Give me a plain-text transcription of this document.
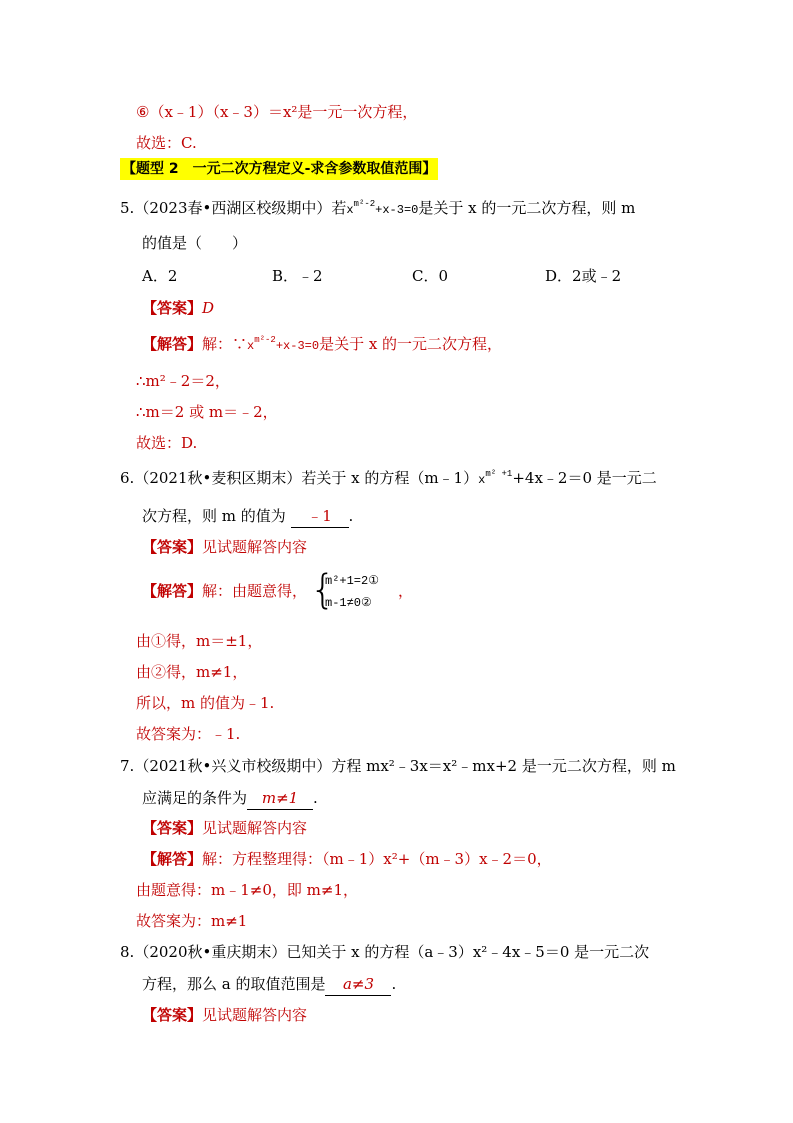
⑥（x﹣1）（x﹣3）＝x²是一元一次方程，
故选：C.
【题型 2　一元二次方程定义-求含参数取值范围】
5.（2023春•西湖区校级期中）若$x^{m^2-2}+x-3=0$是关于 x 的一元二次方程，则 m
的值是（　　）
A．2	B．﹣2	C．0	D．2或﹣2
【答案】D
【解答】解：$\because x^{m^2-2}+x-3=0$是关于 x 的一元二次方程，
∴m²﹣2＝2，
∴m＝2 或 m＝﹣2，
故选：D.
6.（2021秋•麦积区期末）若关于 x 的方程$(m﹣1)x^{m^2 +1}+4x﹣2=0$ 是一元二
次方程，则 m 的值为 ﹣1 .
【答案】见试题解答内容
【解答】解：由题意得， {
m²+1=2①
m-1≠0②
，
由①得，m＝±1，
由②得，m≠1，
所以，m 的值为﹣1.
故答案为：﹣1.
7.（2021秋•兴义市校级期中）方程 mx²﹣3x＝x²﹣mx+2 是一元二次方程，则 m
应满足的条件为 m≠1 .
【答案】见试题解答内容
【解答】解：方程整理得：（m﹣1）x²+（m﹣3）x﹣2＝0，
由题意得：m﹣1≠0，即 m≠1，
故答案为：m≠1
8.（2020秋•重庆期末）已知关于 x 的方程（a﹣3）x²﹣4x﹣5＝0 是一元二次
方程，那么 a 的取值范围是 a≠3 .
【答案】见试题解答内容
